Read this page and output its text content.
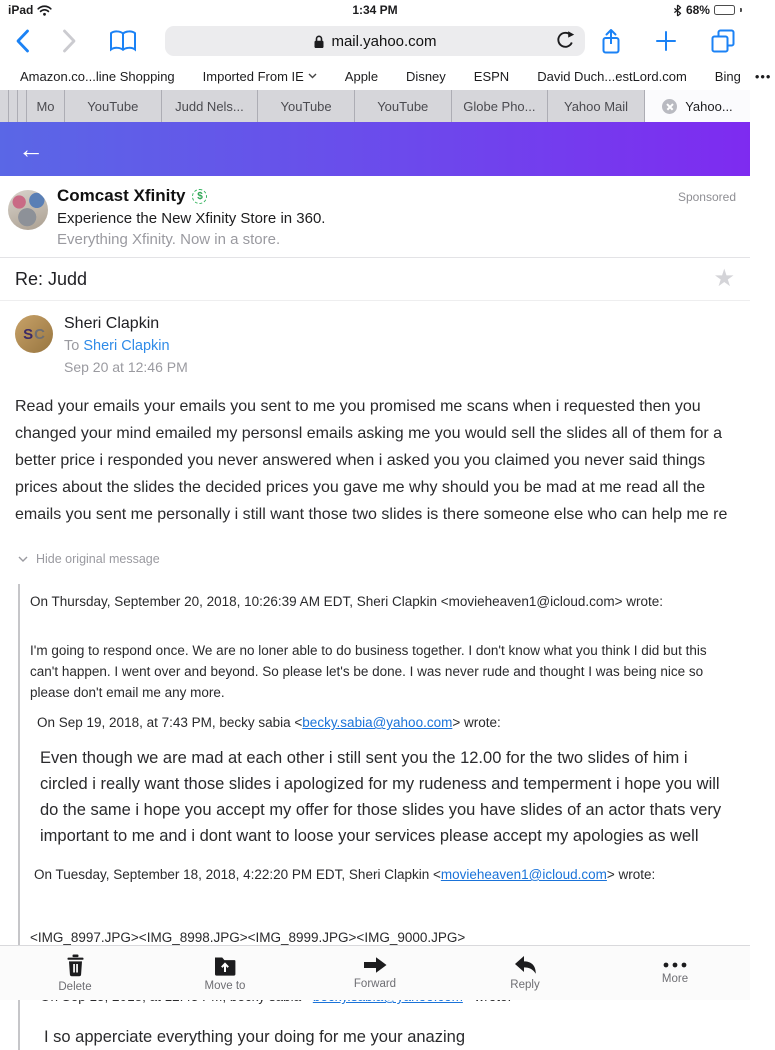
iPad	1:34 PM	68%
mail.yahoo.com
Amazon.co...line Shopping Imported From IE	Apple Disney ESPN David Duch...estLord.com Bing •••
Mo	YouTube	Judd Nels...	YouTube	YouTube	Globe Pho... Yahoo Mail	Yahoo...
←
Comcast Xfinity	$
Experience the New Xfinity Store in 360.
Everything Xfinity. Now in a store.
Sponsored
Re: Judd	★
S C
Sheri Clapkin
To Sheri Clapkin
Sep 20 at 12:46 PM
Read your emails your emails you sent to me you promised me scans when i requested then you changed your mind emailed my personsl emails asking me you would sell the slides all of them for a better price i responded you never answered when i asked you you claimed you never said things prices about the slides the decided prices you gave me why should you be mad at me read all the emails you sent me personally i still want those two slides is there someone else who can help me re
Hide original message
On Thursday, September 20, 2018, 10:26:39 AM EDT, Sheri Clapkin <movieheaven1@icloud.com> wrote:
I'm going to respond once. We are no loner able to do business together. I don't know what you think I did but this can't happen. I went over and beyond. So please let's be done. I was never rude and thought I was being nice so please don't email me any more.
On Sep 19, 2018, at 7:43 PM, becky sabia <becky.sabia@yahoo.com> wrote:
Even though we are mad at each other i still sent you the 12.00 for the two slides of him i circled i really want those slides i apologized for my rudeness and temperment i hope you will do the same i hope you accept my offer for those slides you have slides of an actor thats very important to me and i dont want to loose your services please accept my apologies as well
On Tuesday, September 18, 2018, 4:22:20 PM EDT, Sheri Clapkin <movieheaven1@icloud.com> wrote:
<IMG_8997.JPG><IMG_8998.JPG><IMG_8999.JPG><IMG_9000.JPG>
I so apperciate everything your doing for me your anazing
Delete	Move to	Forward	Reply	More
